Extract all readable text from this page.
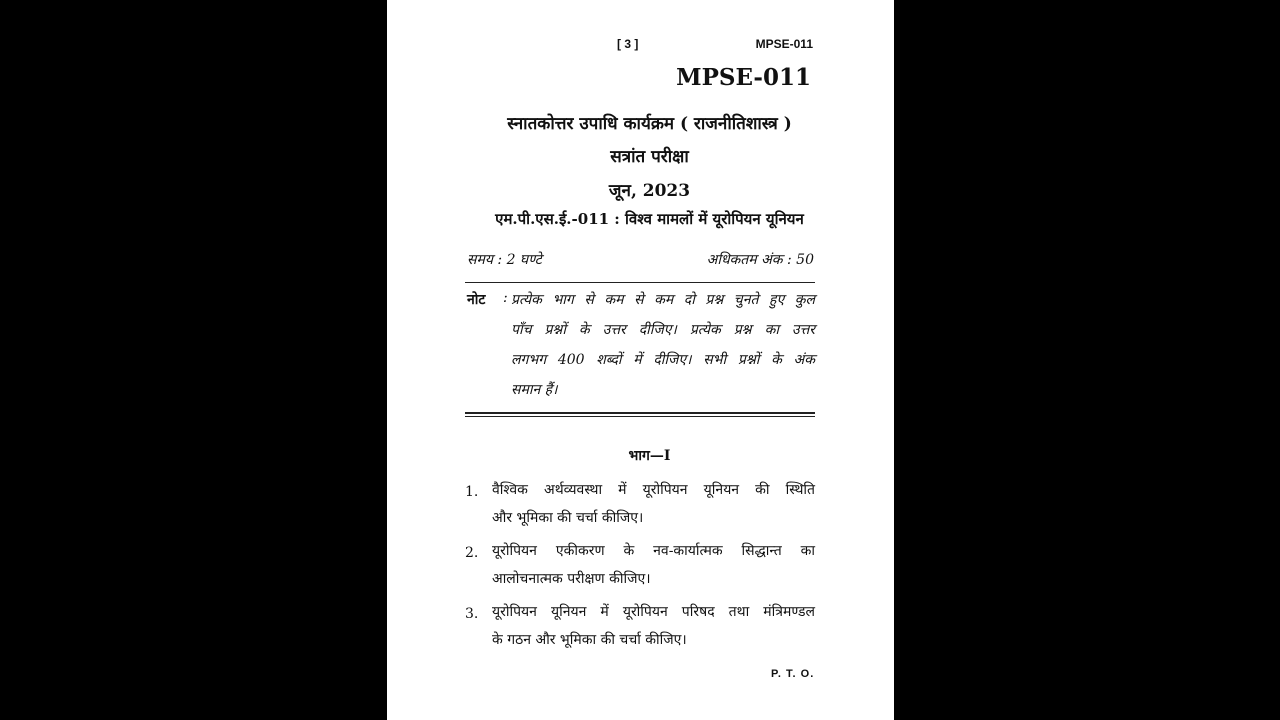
[ 3 ]	MPSE-011
MPSE-011
स्नातकोत्तर उपाधि कार्यक्रम ( राजनीतिशास्त्र )
सत्रांत परीक्षा
जून, 2023
एम.पी.एस.ई.-011 : विश्व मामलों में यूरोपियन यूनियन
समय : 2 घण्टे	अधिकतम अंक : 50
नोट : प्रत्येक भाग से कम से कम दो प्रश्न चुनते हुए कुल
पाँच प्रश्नों के उत्तर दीजिए। प्रत्येक प्रश्न का उत्तर
लगभग 400 शब्दों में दीजिए। सभी प्रश्नों के अंक
समान हैं।
भाग—I
1. वैश्विक अर्थव्यवस्था में यूरोपियन यूनियन की स्थिति
और भूमिका की चर्चा कीजिए।
2. यूरोपियन एकीकरण के नव-कार्यात्मक सिद्धान्त का
आलोचनात्मक परीक्षण कीजिए।
3. यूरोपियन यूनियन में यूरोपियन परिषद तथा मंत्रिमण्डल
के गठन और भूमिका की चर्चा कीजिए।
P. T. O.
